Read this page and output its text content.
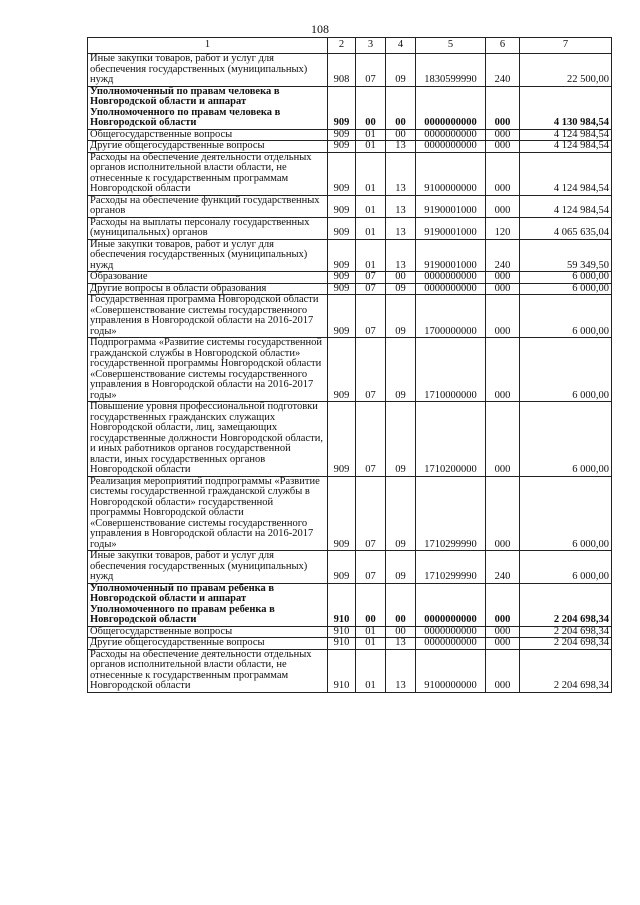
108
1	2	3	4	5	6	7
Иные закупки товаров, работ и услуг для обеспечения государственных (муниципальных) нужд	908	07	09	1830599990	240	22 500,00
Уполномоченный по правам человека в Новгородской области и аппарат Уполномоченного по правам человека в Новгородской области	909	00	00	0000000000	000	4 130 984,54
Общегосударственные вопросы	909	01	00	0000000000	000	4 124 984,54
Другие общегосударственные вопросы	909	01	13	0000000000	000	4 124 984,54
Расходы на обеспечение деятельности отдельных органов исполнительной власти области, не отнесенные к государственным программам Новгородской области	909	01	13	9100000000	000	4 124 984,54
Расходы на обеспечение функций государственных органов	909	01	13	9190001000	000	4 124 984,54
Расходы на выплаты персоналу государственных (муниципальных) органов	909	01	13	9190001000	120	4 065 635,04
Иные закупки товаров, работ и услуг для обеспечения государственных (муниципальных) нужд	909	01	13	9190001000	240	59 349,50
Образование	909	07	00	0000000000	000	6 000,00
Другие вопросы в области образования	909	07	09	0000000000	000	6 000,00
Государственная программа Новгородской области «Совершенствование системы государственного управления в Новгородской области на 2016-2017 годы»	909	07	09	1700000000	000	6 000,00
Подпрограмма «Развитие системы государственной гражданской службы в Новгородской области» государственной программы Новгородской области «Совершенствование системы государственного управления в Новгородской области на 2016-2017 годы»	909	07	09	1710000000	000	6 000,00
Повышение уровня профессиональной подготовки государственных гражданских служащих Новгородской области, лиц, замещающих государственные должности Новгородской области, и иных работников органов государственной власти, иных государственных органов Новгородской области	909	07	09	1710200000	000	6 000,00
Реализация мероприятий подпрограммы «Развитие системы государственной гражданской службы в Новгородской области» государственной программы Новгородской области «Совершенствование системы государственного управления в Новгородской области на 2016-2017 годы»	909	07	09	1710299990	000	6 000,00
Иные закупки товаров, работ и услуг для обеспечения государственных (муниципальных) нужд	909	07	09	1710299990	240	6 000,00
Уполномоченный по правам ребенка в Новгородской области и аппарат Уполномоченного по правам ребенка в Новгородской области	910	00	00	0000000000	000	2 204 698,34
Общегосударственные вопросы	910	01	00	0000000000	000	2 204 698,34
Другие общегосударственные вопросы	910	01	13	0000000000	000	2 204 698,34
Расходы на обеспечение деятельности отдельных органов исполнительной власти области, не отнесенные к государственным программам Новгородской области	910	01	13	9100000000	000	2 204 698,34
